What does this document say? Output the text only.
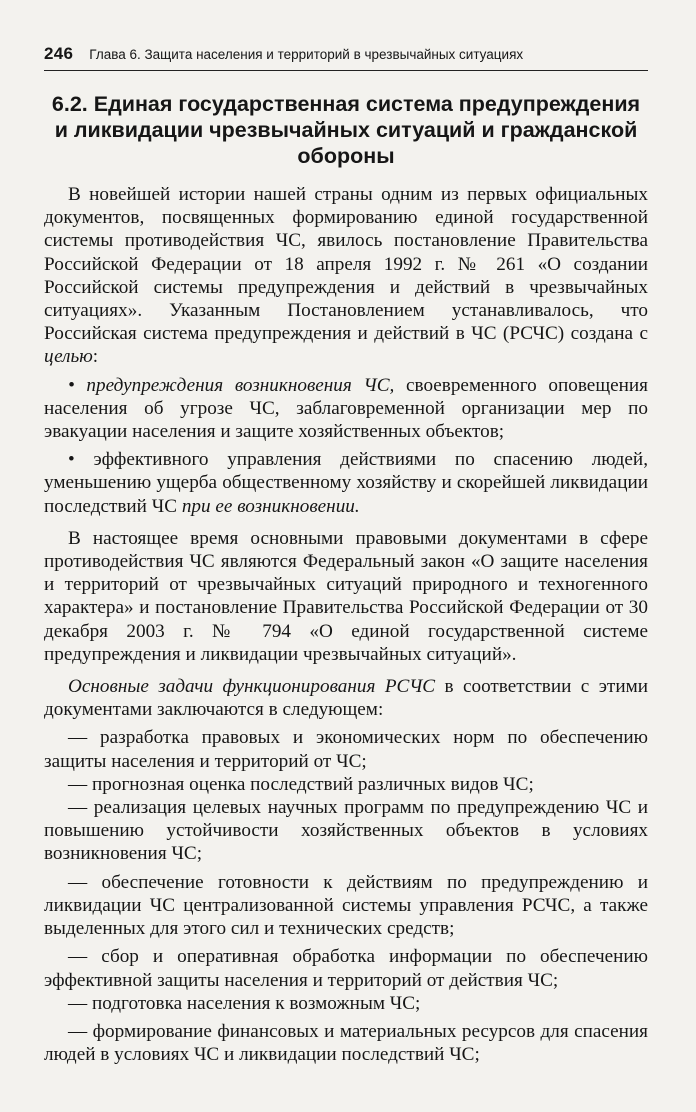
246 Глава 6. Защита населения и территорий в чрезвычайных ситуациях
6.2. Единая государственная система предупреждения и ликвидации чрезвычайных ситуаций и гражданской обороны

В новейшей истории нашей страны одним из первых официальных документов, посвященных формированию единой государственной системы противодействия ЧС, явилось постановление Правительства Российской Федерации от 18 апреля 1992 г. № 261 «О создании Российской системы предупреждения и действий в чрезвычайных ситуациях». Указанным Постановлением устанавливалось, что Российская система предупреждения и действий в ЧС (РСЧС) создана с целью:

• предупреждения возникновения ЧС, своевременного оповещения населения об угрозе ЧС, заблаговременной организации мер по эвакуации населения и защите хозяйственных объектов;

• эффективного управления действиями по спасению людей, уменьшению ущерба общественному хозяйству и скорейшей ликвидации последствий ЧС при ее возникновении.

В настоящее время основными правовыми документами в сфере противодействия ЧС являются Федеральный закон «О защите населения и территорий от чрезвычайных ситуаций природного и техногенного характера» и постановление Правительства Российской Федерации от 30 декабря 2003 г. № 794 «О единой государственной системе предупреждения и ликвидации чрезвычайных ситуаций».

Основные задачи функционирования РСЧС в соответствии с этими документами заключаются в следующем:

— разработка правовых и экономических норм по обеспечению защиты населения и территорий от ЧС;

— прогнозная оценка последствий различных видов ЧС;

— реализация целевых научных программ по предупреждению ЧС и повышению устойчивости хозяйственных объектов в условиях возникновения ЧС;

— обеспечение готовности к действиям по предупреждению и ликвидации ЧС централизованной системы управления РСЧС, а также выделенных для этого сил и технических средств;

— сбор и оперативная обработка информации по обеспечению эффективной защиты населения и территорий от действия ЧС;

— подготовка населения к возможным ЧС;

— формирование финансовых и материальных ресурсов для спасения людей в условиях ЧС и ликвидации последствий ЧС;
